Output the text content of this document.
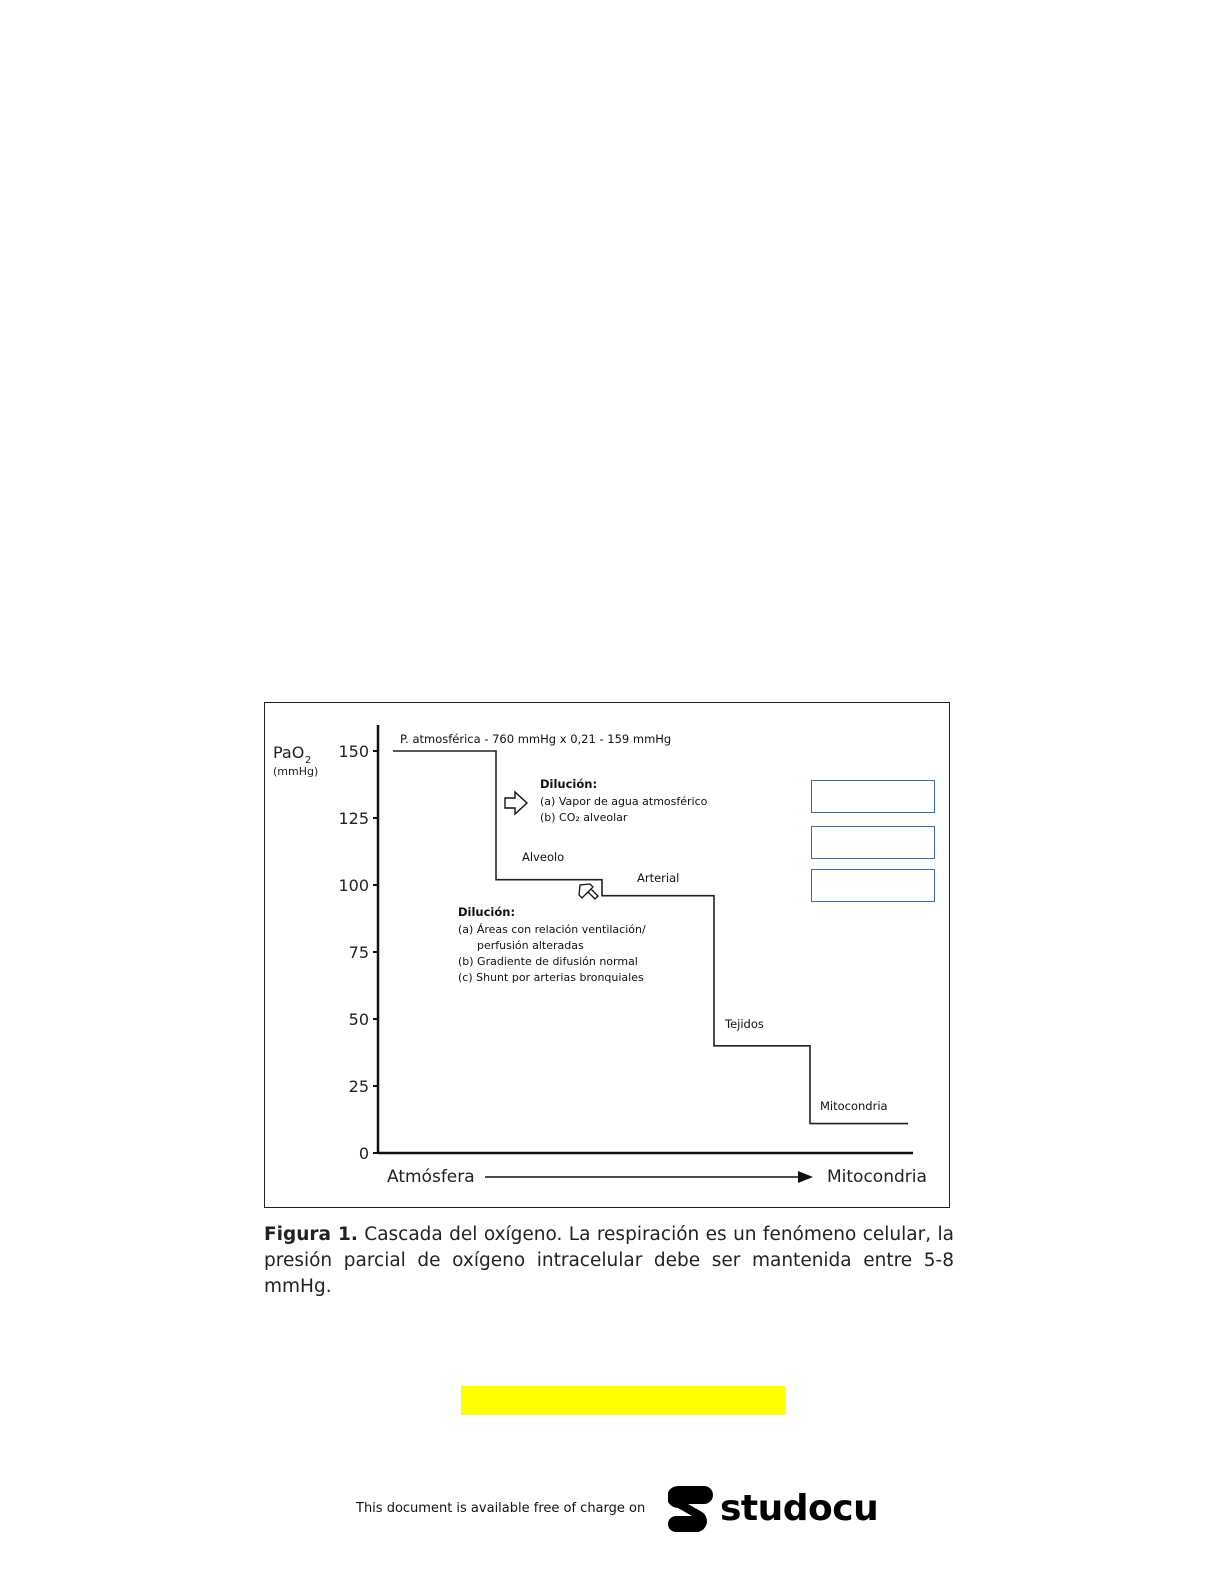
0
25
50
75
100
125
150
PaO 2
(mmHg)
P. atmosférica - 760 mmHg x 0,21 - 159 mmHg
Alveolo
Arterial
Tejidos
Mitocondria
Dilución:
(a) Vapor de agua atmosférico
(b) CO₂ alveolar
Dilución:
(a) Áreas con relación ventilación/
perfusión alteradas
(b) Gradiente de difusión normal
(c) Shunt por arterias bronquiales
Atmósfera	Mitocondria
Figura 1. Cascada del oxígeno. La respiración es un fenómeno celular, la presión parcial de oxígeno intracelular debe ser mantenida entre 5-8 mmHg.
This document is available free of charge on studocu
